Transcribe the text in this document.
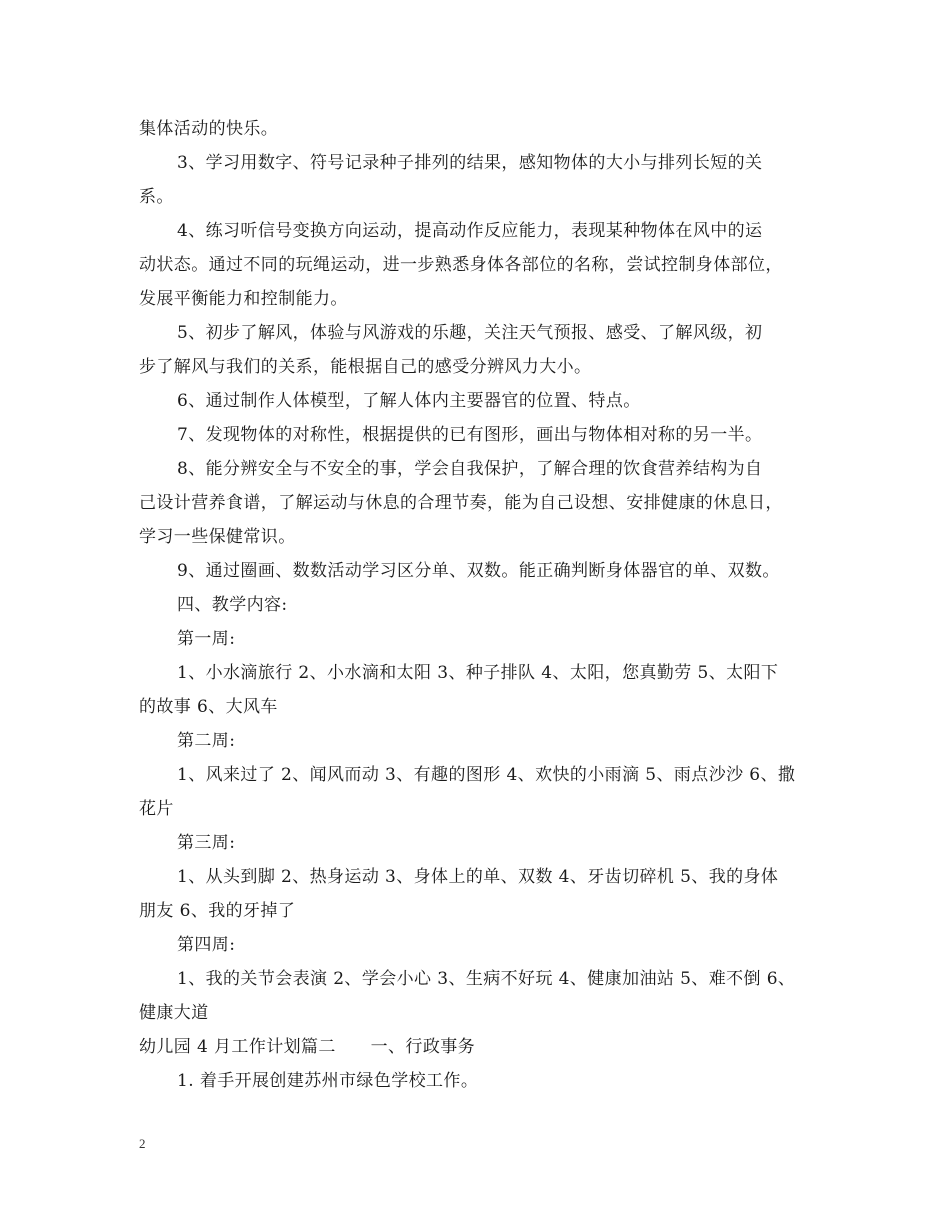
集体活动的快乐。
3、学习用数字、符号记录种子排列的结果，感知物体的大小与排列长短的关
系。
4、练习听信号变换方向运动，提高动作反应能力，表现某种物体在风中的运
动状态。通过不同的玩绳运动，进一步熟悉身体各部位的名称，尝试控制身体部位，
发展平衡能力和控制能力。
5、初步了解风，体验与风游戏的乐趣，关注天气预报、感受、了解风级，初
步了解风与我们的关系，能根据自己的感受分辨风力大小。
6、通过制作人体模型，了解人体内主要器官的位置、特点。
7、发现物体的对称性，根据提供的已有图形，画出与物体相对称的另一半。
8、能分辨安全与不安全的事，学会自我保护，了解合理的饮食营养结构为自
己设计营养食谱，了解运动与休息的合理节奏，能为自己设想、安排健康的休息日，
学习一些保健常识。
9、通过圈画、数数活动学习区分单、双数。能正确判断身体器官的单、双数。
四、教学内容:
第一周:
1、小水滴旅行 2、小水滴和太阳 3、种子排队 4、太阳，您真勤劳 5、太阳下
的故事 6、大风车
第二周:
1、风来过了 2、闻风而动 3、有趣的图形 4、欢快的小雨滴 5、雨点沙沙 6、撒
花片
第三周:
1、从头到脚 2、热身运动 3、身体上的单、双数 4、牙齿切碎机 5、我的身体
朋友 6、我的牙掉了
第四周:
1、我的关节会表演 2、学会小心 3、生病不好玩 4、健康加油站 5、难不倒 6、
健康大道
幼儿园 4 月工作计划篇二　　一、行政事务
1. 着手开展创建苏州市绿色学校工作。
2
